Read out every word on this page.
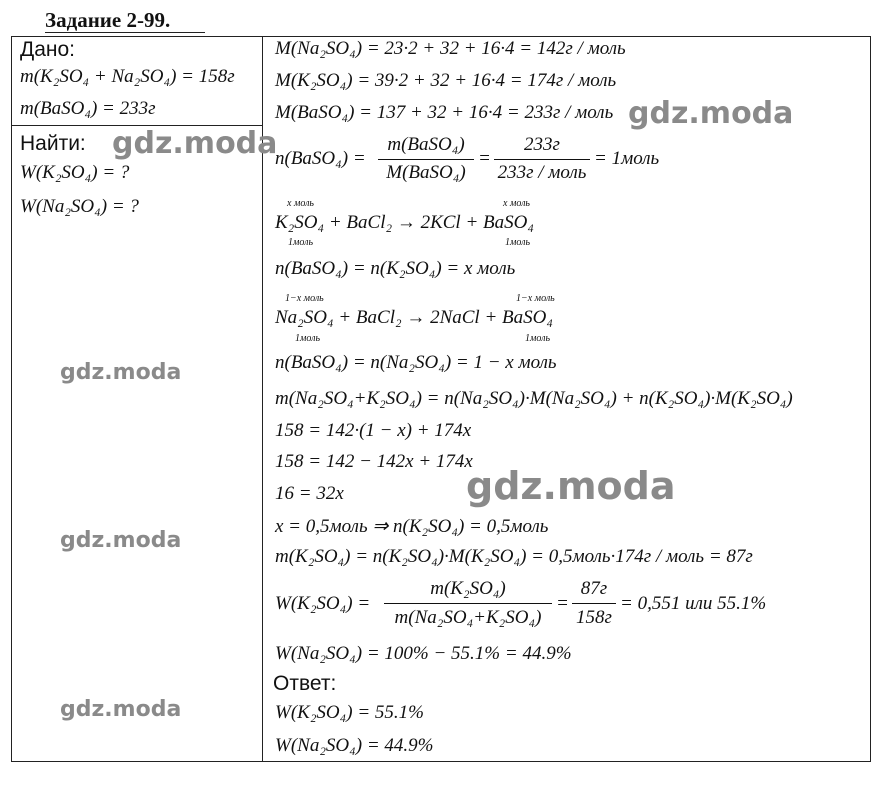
Задание 2-99.
Дано:
m(K₂SO₄ + Na₂SO₄) = 158г
m(BaSO₄) = 233г
Найти:
W(K₂SO₄) = ?
W(Na₂SO₄) = ?
M(Na₂SO₄) = 23·2 + 32 + 16·4 = 142г / моль
M(K₂SO₄) = 39·2 + 32 + 16·4 = 174г / моль
M(BaSO₄) = 137 + 32 + 16·4 = 233г / моль
n(BaSO₄) =
m(BaSO₄)
M(BaSO₄)
=
233г
233г / моль
= 1моль
x моль	x моль
K₂SO₄ + BaCl₂ → 2KCl + BaSO₄
1моль	1моль
n(BaSO₄) = n(K₂SO₄) = x моль
1−x моль	1−x моль
Na₂SO₄ + BaCl₂ → 2NaCl + BaSO₄
1моль	1моль
n(BaSO₄) = n(Na₂SO₄) = 1 − x моль
m(Na₂SO₄+K₂SO₄) = n(Na₂SO₄)·M(Na₂SO₄) + n(K₂SO₄)·M(K₂SO₄)
158 = 142·(1 − x) + 174x
158 = 142 − 142x + 174x
16 = 32x
x = 0,5моль ⇒ n(K₂SO₄) = 0,5моль
m(K₂SO₄) = n(K₂SO₄)·M(K₂SO₄) = 0,5моль·174г / моль = 87г
W(K₂SO₄) =
m(K₂SO₄)
m(Na₂SO₄+K₂SO₄)
=
87г
158г
= 0,551 или 55.1%
W(Na₂SO₄) = 100% − 55.1% = 44.9%
Ответ:
W(K₂SO₄) = 55.1%
W(Na₂SO₄) = 44.9%
gdz.moda
gdz.moda
gdz.moda
gdz.moda
gdz.moda
gdz.moda
